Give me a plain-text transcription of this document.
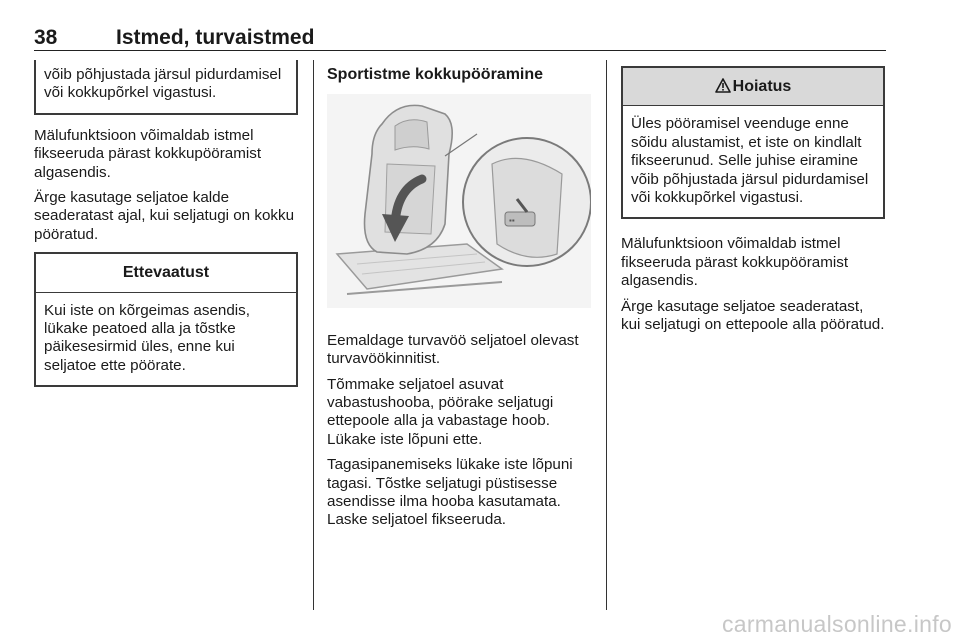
38	Istmed, turvaistmed
võib põhjustada järsul pidurdamisel või kokkupõrkel vigastusi.

Mälufunktsioon võimaldab istmel fikseeruda pärast kokkupööramist algasendis.

Ärge kasutage seljatoe kalde seaderatast ajal, kui seljatugi on kokku pööratud.

Ettevaatust
Kui iste on kõrgeimas asendis, lükake peatoed alla ja tõstke päikesesirmid üles, enne kui seljatoe ette pöörate.
Sportistme kokkupööramine
▪▪

Eemaldage turvavöö seljatoel olevast turvavöökinnitist.

Tõmmake seljatoel asuvat vabastushooba, pöörake seljatugi ettepoole alla ja vabastage hoob. Lükake iste lõpuni ette.

Tagasipanemiseks lükake iste lõpuni tagasi. Tõstke seljatugi püstisesse asendisse ilma hooba kasutamata. Laske seljatoel fikseeruda.

Hoiatus
Üles pööramisel veenduge enne sõidu alustamist, et iste on kindlalt fikseerunud. Selle juhise eiramine võib põhjustada järsul pidurdamisel või kokkupõrkel vigastusi.

Mälufunktsioon võimaldab istmel fikseeruda pärast kokkupööramist algasendis.

Ärge kasutage seljatoe seaderatast, kui seljatugi on ettepoole alla pööratud.

carmanualsonline.info
